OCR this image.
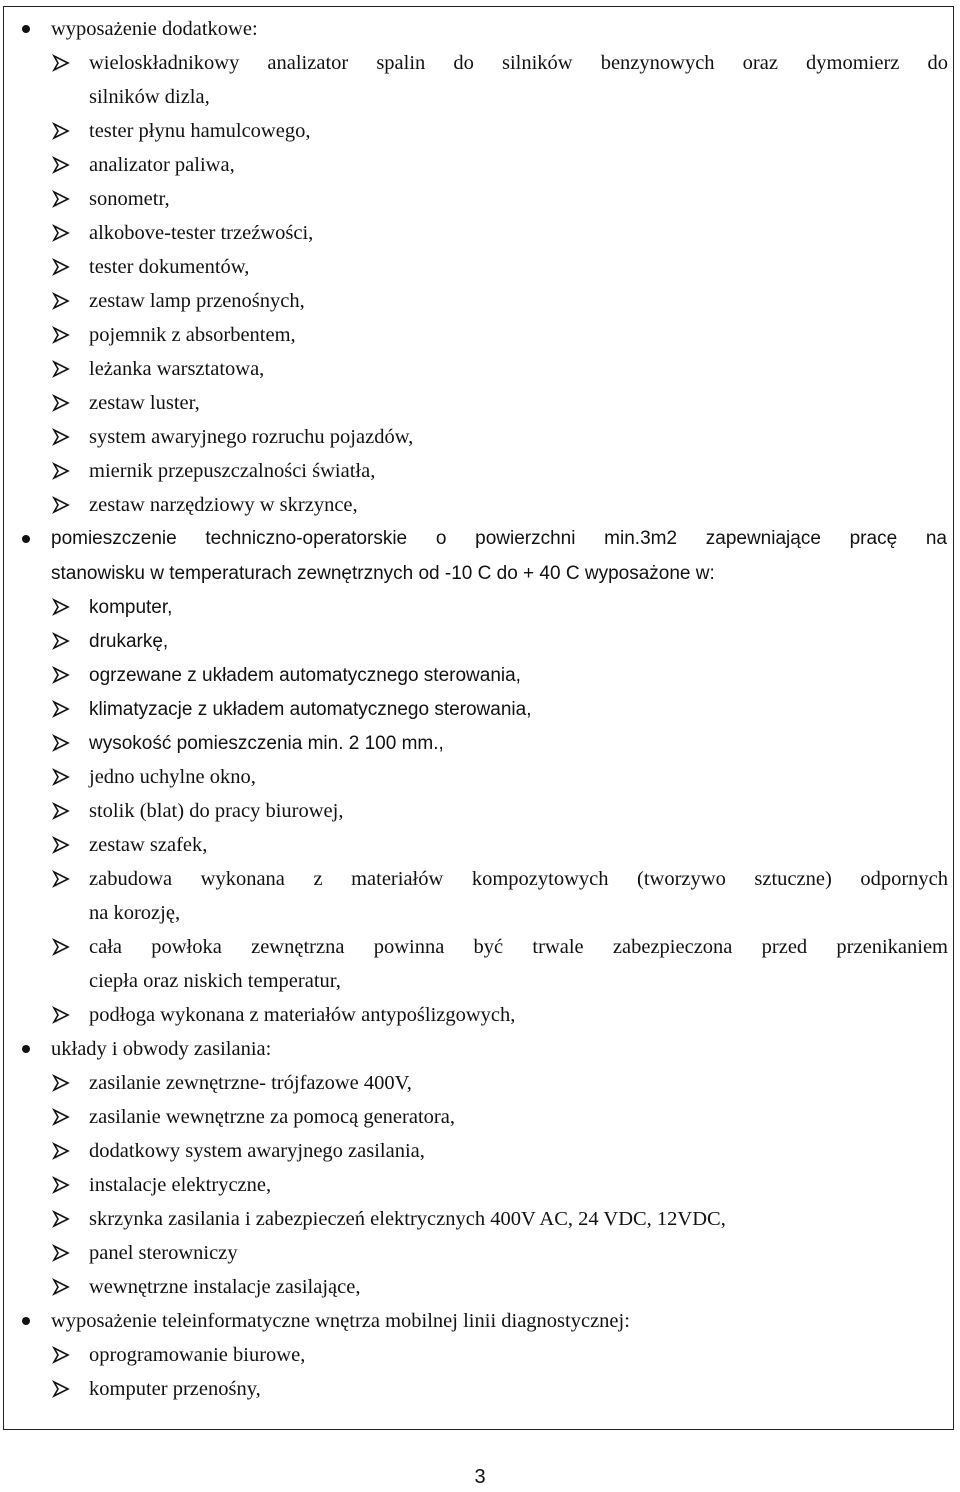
wyposażenie dodatkowe:
wieloskładnikowy analizator spalin do silników benzynowych oraz dymomierz do
silników dizla,
tester płynu hamulcowego,
analizator paliwa,
sonometr,
alkobove-tester trzeźwości,
tester dokumentów,
zestaw lamp przenośnych,
pojemnik z absorbentem,
leżanka warsztatowa,
zestaw luster,
system awaryjnego rozruchu pojazdów,
miernik przepuszczalności światła,
zestaw narzędziowy w skrzynce,
pomieszczenie techniczno-operatorskie o powierzchni min.3m2 zapewniające pracę na
stanowisku w temperaturach zewnętrznych od -10 C do + 40 C wyposażone w:
komputer,
drukarkę,
ogrzewane z układem automatycznego sterowania,
klimatyzacje z układem automatycznego sterowania,
wysokość pomieszczenia min. 2 100 mm.,
jedno uchylne okno,
stolik (blat) do pracy biurowej,
zestaw szafek,
zabudowa wykonana z materiałów kompozytowych (tworzywo sztuczne) odpornych
na korozję,
cała powłoka zewnętrzna powinna być trwale zabezpieczona przed przenikaniem
ciepła oraz niskich temperatur,
podłoga wykonana z materiałów antypoślizgowych,
układy i obwody zasilania:
zasilanie zewnętrzne- trójfazowe 400V,
zasilanie wewnętrzne za pomocą generatora,
dodatkowy system awaryjnego zasilania,
instalacje elektryczne,
skrzynka zasilania i zabezpieczeń elektrycznych 400V AC, 24 VDC, 12VDC,
panel sterowniczy
wewnętrzne instalacje zasilające,
wyposażenie teleinformatyczne wnętrza mobilnej linii diagnostycznej:
oprogramowanie biurowe,
komputer przenośny,
3
